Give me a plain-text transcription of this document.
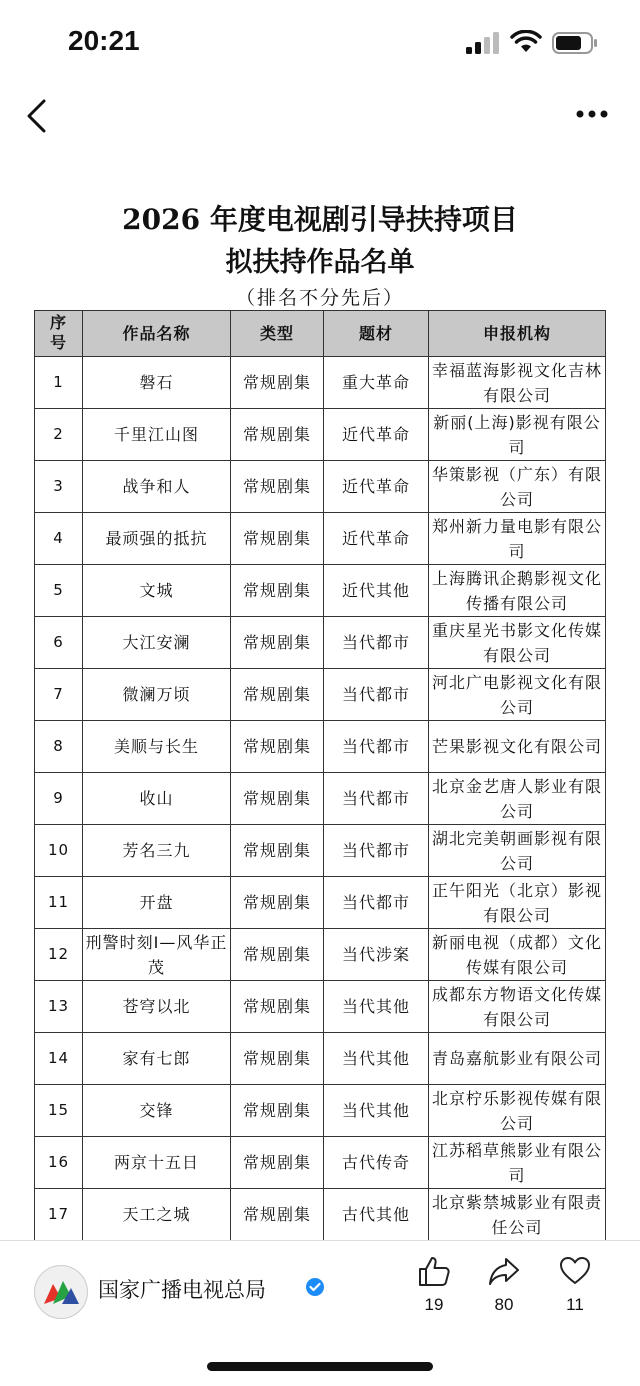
20:21
2026 年度电视剧引导扶持项目
拟扶持作品名单
（排名不分先后）
序号	作品名称	类型	题材	申报机构
1	磐石	常规剧集	重大革命	幸福蓝海影视文化吉林有限公司
2	千里江山图	常规剧集	近代革命	新丽(上海)影视有限公司
3	战争和人	常规剧集	近代革命	华策影视（广东）有限公司
4	最顽强的抵抗	常规剧集	近代革命	郑州新力量电影有限公司
5	文城	常规剧集	近代其他	上海腾讯企鹅影视文化传播有限公司
6	大江安澜	常规剧集	当代都市	重庆星光书影文化传媒有限公司
7	微澜万顷	常规剧集	当代都市	河北广电影视文化有限公司
8	美顺与长生	常规剧集	当代都市	芒果影视文化有限公司
9	收山	常规剧集	当代都市	北京金艺唐人影业有限公司
10	芳名三九	常规剧集	当代都市	湖北完美朝画影视有限公司
11	开盘	常规剧集	当代都市	正午阳光（北京）影视有限公司
12	刑警时刻Ⅰ—风华正茂	常规剧集	当代涉案	新丽电视（成都）文化传媒有限公司
13	苍穹以北	常规剧集	当代其他	成都东方物语文化传媒有限公司
14	家有七郎	常规剧集	当代其他	青岛嘉航影业有限公司
15	交锋	常规剧集	当代其他	北京柠乐影视传媒有限公司
16	两京十五日	常规剧集	古代传奇	江苏稻草熊影业有限公司
17	天工之城	常规剧集	古代其他	北京紫禁城影业有限责任公司
国家广播电视总局
19	80	11
